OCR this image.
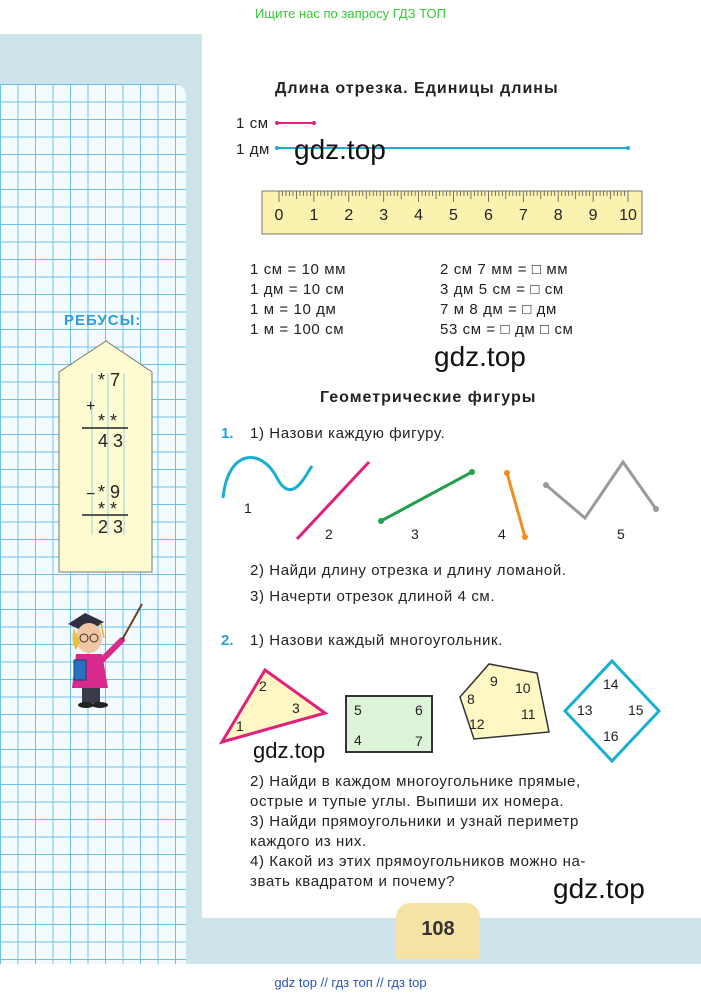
Ищите нас по запросу ГДЗ ТОП
Длина отрезка. Единицы длины
1 см
1 дм
0	1	2	3	4	5	6	7	8	9	10
1 см = 10 мм
1 дм = 10 см
1 м = 10 дм
1 м = 100 см
2 см 7 мм = □ мм
3 дм 5 см = □ см
7 м 8 дм = □ дм
53 см = □ дм □ см
Геометрические фигуры
1. 1) Назови каждую фигуру.
1
2	3	4	5
2) Найди длину отрезка и длину ломаной.
3) Начерти отрезок длиной 4 см.
2. 1) Назови каждый многоугольник.
2
3
1
5	6
4	7
9 10
8
12
11
14
13	15
16
2) Найди в каждом многоугольнике прямые,
острые и тупые углы. Выпиши их номера.
3) Найди прямоугольники и узнай периметр
каждого из них.
4) Какой из этих прямоугольников можно на-
звать квадратом и почему?
РЕБУСЫ:
+
*7
**
43
− *9
**
23
gdz.top
gdz.top
gdz.top
gdz.top
108
gdz top // гдз топ // гдз top
